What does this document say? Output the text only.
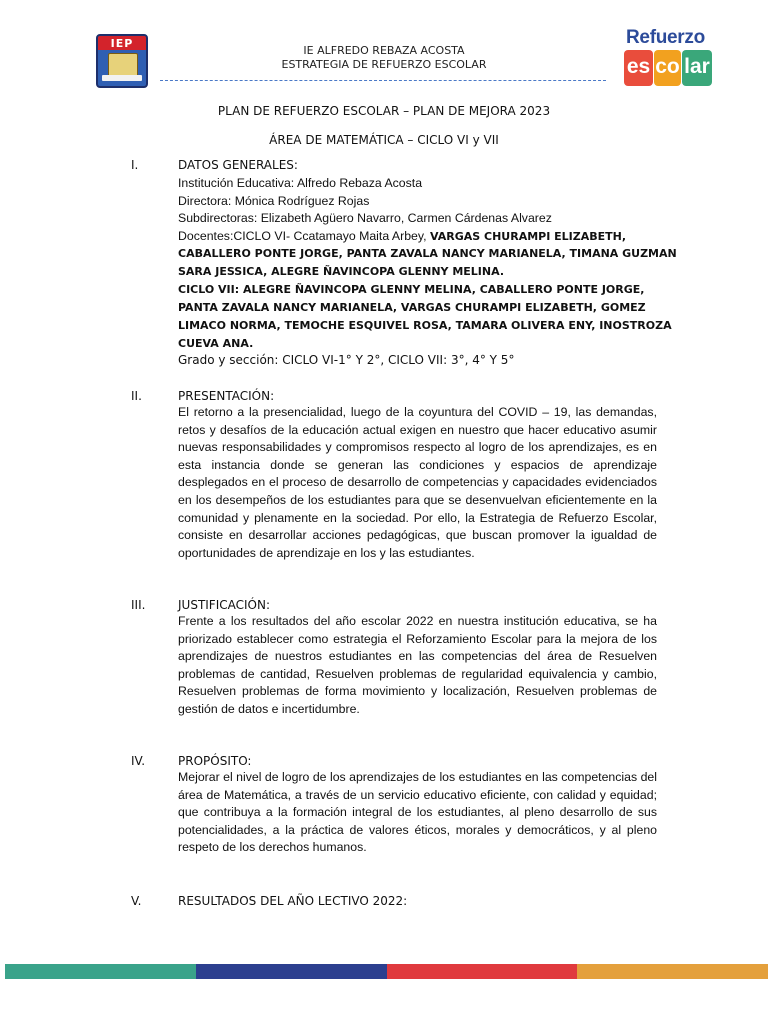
IEP
IE ALFREDO REBAZA ACOSTA
ESTRATEGIA DE REFUERZO ESCOLAR
Refuerzo
es co lar
PLAN DE REFUERZO ESCOLAR – PLAN DE MEJORA 2023
ÁREA DE MATEMÁTICA – CICLO VI y VII
I.	DATOS GENERALES:
Institución Educativa: Alfredo Rebaza Acosta
Directora: Mónica Rodríguez Rojas
Subdirectoras: Elizabeth Agüero Navarro, Carmen Cárdenas Alvarez
Docentes:CICLO VI- Ccatamayo Maita Arbey, VARGAS CHURAMPI ELIZABETH,
CABALLERO PONTE JORGE, PANTA ZAVALA NANCY MARIANELA, TIMANA GUZMAN
SARA JESSICA, ALEGRE ÑAVINCOPA GLENNY MELINA.
CICLO VII: ALEGRE ÑAVINCOPA GLENNY MELINA, CABALLERO PONTE JORGE,
PANTA ZAVALA NANCY MARIANELA, VARGAS CHURAMPI ELIZABETH, GOMEZ
LIMACO NORMA, TEMOCHE ESQUIVEL ROSA, TAMARA OLIVERA ENY, INOSTROZA
CUEVA ANA.
Grado y sección: CICLO VI-1° Y 2°, CICLO VII: 3°, 4° Y 5°
II.	PRESENTACIÓN:
El retorno a la presencialidad, luego de la coyuntura del COVID – 19, las demandas, retos y desafíos de la educación actual exigen en nuestro que hacer educativo asumir nuevas responsabilidades y compromisos respecto al logro de los aprendizajes, es en esta instancia donde se generan las condiciones y espacios de aprendizaje desplegados en el proceso de desarrollo de competencias y capacidades evidenciados en los desempeños de los estudiantes para que se desenvuelvan eficientemente en la comunidad y plenamente en la sociedad. Por ello, la Estrategia de Refuerzo Escolar, consiste en desarrollar acciones pedagógicas, que buscan promover la igualdad de oportunidades de aprendizaje en los y las estudiantes.
III.	JUSTIFICACIÓN:
Frente a los resultados del año escolar 2022 en nuestra institución educativa, se ha priorizado establecer como estrategia el Reforzamiento Escolar para la mejora de los aprendizajes de nuestros estudiantes en las competencias del área de Resuelven problemas de cantidad, Resuelven problemas de regularidad equivalencia y cambio, Resuelven problemas de forma movimiento y localización, Resuelven problemas de gestión de datos e incertidumbre.
IV.	PROPÓSITO:
Mejorar el nivel de logro de los aprendizajes de los estudiantes en las competencias del área de Matemática, a través de un servicio educativo eficiente, con calidad y equidad; que contribuya a la formación integral de los estudiantes, al pleno desarrollo de sus potencialidades, a la práctica de valores éticos, morales y democráticos, y al pleno respeto de los derechos humanos.
V.	RESULTADOS DEL AÑO LECTIVO 2022:
